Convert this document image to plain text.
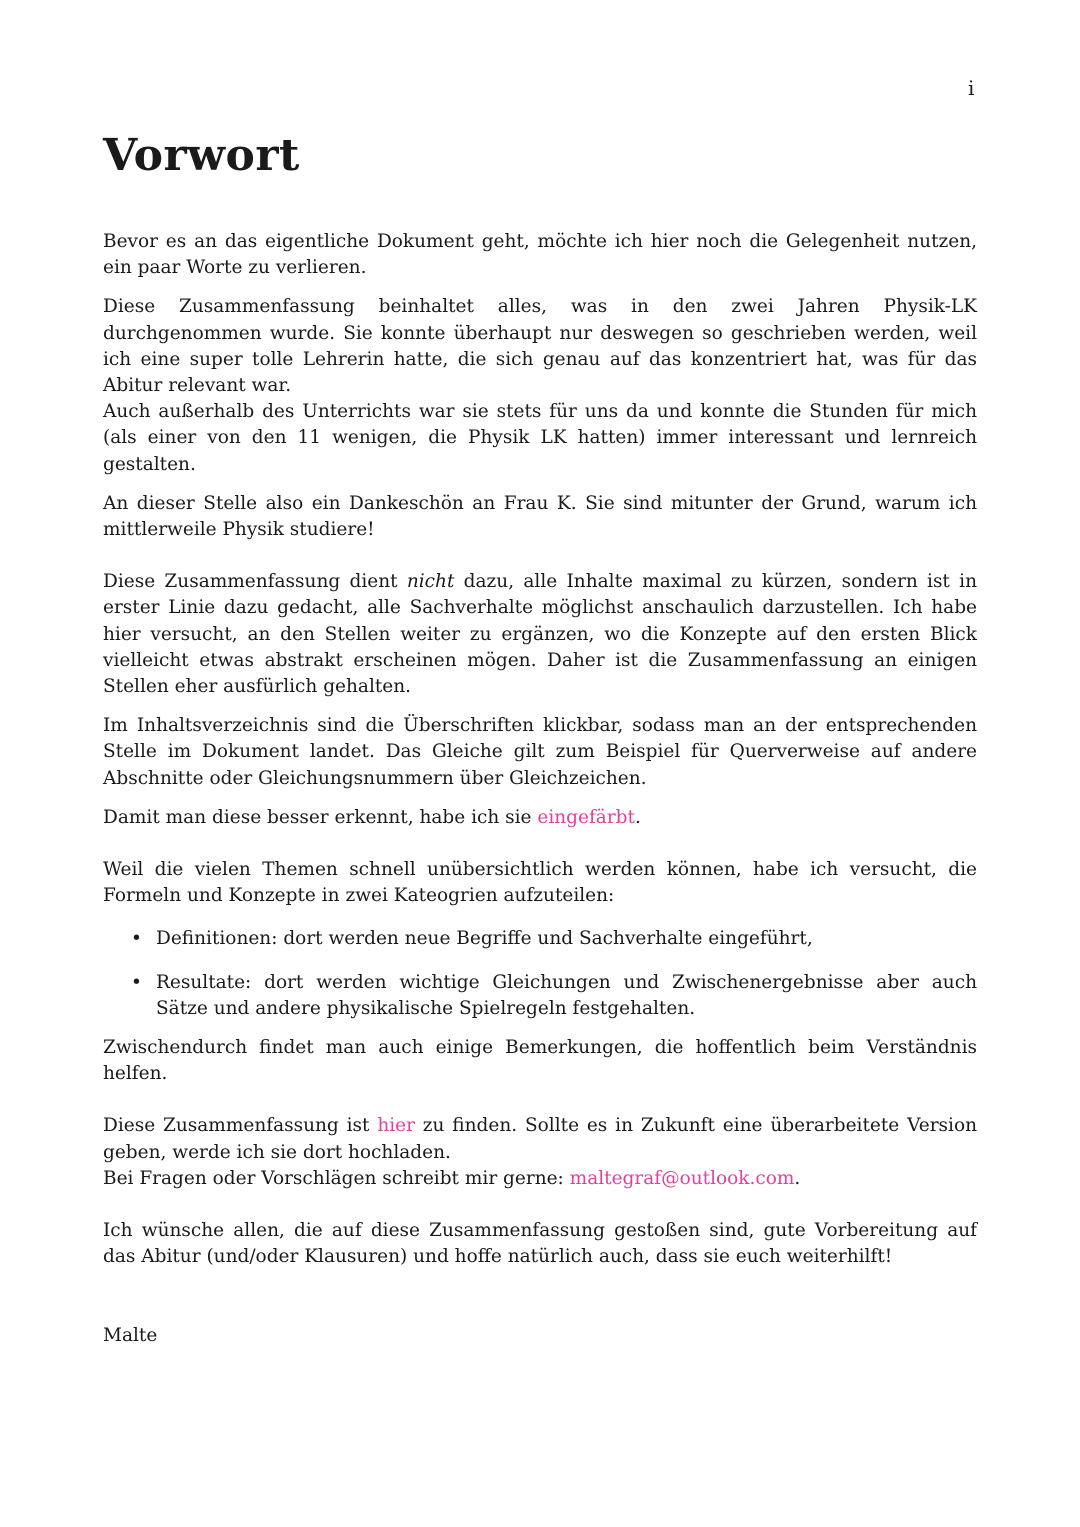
i
Vorwort

Bevor es an das eigentliche Dokument geht, möchte ich hier noch die Gelegenheit nutzen, ein paar Worte zu verlieren.

Diese Zusammenfassung beinhaltet alles, was in den zwei Jahren Physik-LK durchgenommen wurde. Sie konnte überhaupt nur deswegen so geschrieben werden, weil ich eine super tolle Lehrerin hatte, die sich genau auf das konzentriert hat, was für das Abitur relevant war.
Auch außerhalb des Unterrichts war sie stets für uns da und konnte die Stunden für mich (als einer von den 11 wenigen, die Physik LK hatten) immer interessant und lernreich gestalten.

An dieser Stelle also ein Dankeschön an Frau K. Sie sind mitunter der Grund, warum ich mittlerweile Physik studiere!

Diese Zusammenfassung dient nicht dazu, alle Inhalte maximal zu kürzen, sondern ist in erster Linie dazu gedacht, alle Sachverhalte möglichst anschaulich darzustellen. Ich habe hier versucht, an den Stellen weiter zu ergänzen, wo die Konzepte auf den ersten Blick vielleicht etwas abstrakt erscheinen mögen. Daher ist die Zusammenfassung an einigen Stellen eher ausfürlich gehalten.

Im Inhaltsverzeichnis sind die Überschriften klickbar, sodass man an der entsprechenden Stelle im Dokument landet. Das Gleiche gilt zum Beispiel für Querverweise auf andere Abschnitte oder Gleichungsnummern über Gleichzeichen.

Damit man diese besser erkennt, habe ich sie eingefärbt.

Weil die vielen Themen schnell unübersichtlich werden können, habe ich versucht, die Formeln und Konzepte in zwei Kateogrien aufzuteilen:

• Definitionen: dort werden neue Begriffe und Sachverhalte eingeführt,
• Resultate: dort werden wichtige Gleichungen und Zwischenergebnisse aber auch Sätze und andere physikalische Spielregeln festgehalten.

Zwischendurch findet man auch einige Bemerkungen, die hoffentlich beim Verständnis helfen.

Diese Zusammenfassung ist hier zu finden. Sollte es in Zukunft eine überarbeitete Version geben, werde ich sie dort hochladen.
Bei Fragen oder Vorschlägen schreibt mir gerne: maltegraf@outlook.com.

Ich wünsche allen, die auf diese Zusammenfassung gestoßen sind, gute Vorbereitung auf das Abitur (und/oder Klausuren) und hoffe natürlich auch, dass sie euch weiterhilft!

Malte
